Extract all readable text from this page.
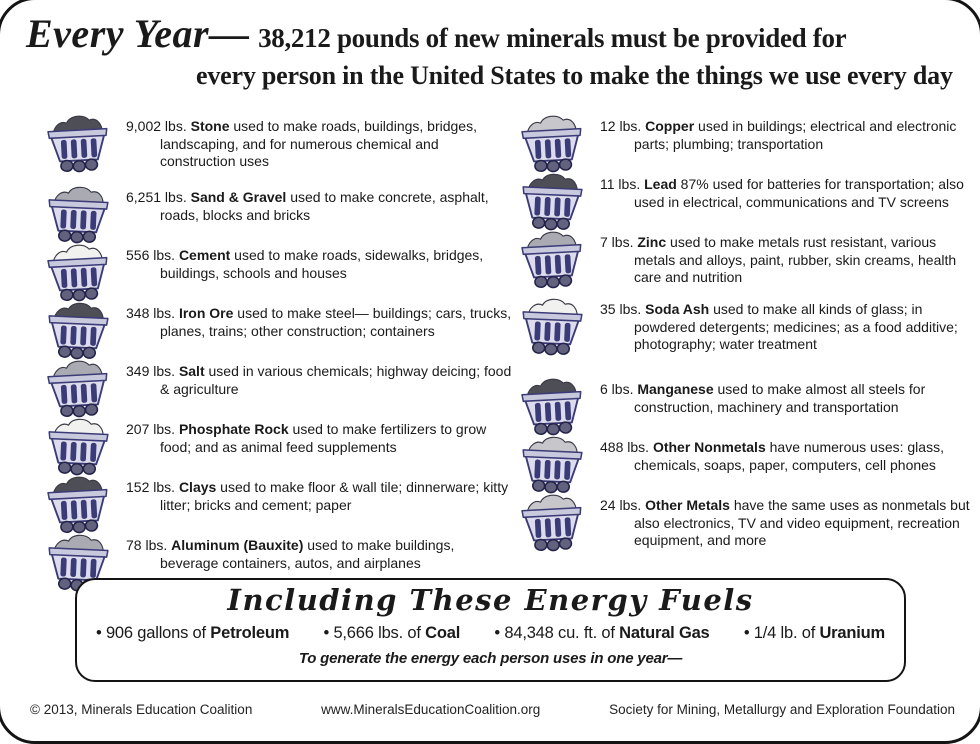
Every Year— 38,212 pounds of new minerals must be provided for
every person in the United States to make the things we use every day

9,002 lbs. Stone used to make roads, buildings, bridges, landscaping, and for numerous chemical and construction uses

6,251 lbs. Sand & Gravel used to make concrete, asphalt, roads, blocks and bricks

556 lbs. Cement used to make roads, sidewalks, bridges, buildings, schools and houses

348 lbs. Iron Ore used to make steel— buildings; cars, trucks, planes, trains; other construction; containers

349 lbs. Salt used in various chemicals; highway deicing; food & agriculture

207 lbs. Phosphate Rock used to make fertilizers to grow food; and as animal feed supplements

152 lbs. Clays used to make floor & wall tile; dinnerware; kitty litter; bricks and cement; paper

78 lbs. Aluminum (Bauxite) used to make buildings, beverage containers, autos, and airplanes

12 lbs. Copper used in buildings; electrical and electronic parts; plumbing; transportation

11 lbs. Lead 87% used for batteries for transportation; also used in electrical, communications and TV screens

7 lbs. Zinc used to make metals rust resistant, various metals and alloys, paint, rubber, skin creams, health care and nutrition

35 lbs. Soda Ash used to make all kinds of glass; in powdered detergents; medicines; as a food additive; photography; water treatment

6 lbs. Manganese used to make almost all steels for construction, machinery and transportation

488 lbs. Other Nonmetals have numerous uses: glass, chemicals, soaps, paper, computers, cell phones

24 lbs. Other Metals have the same uses as nonmetals but also electronics, TV and video equipment, recreation equipment, and more

Including These Energy Fuels
• 906 gallons of Petroleum • 5,666 lbs. of Coal • 84,348 cu. ft. of Natural Gas • 1/4 lb. of Uranium
To generate the energy each person uses in one year—
© 2013, Minerals Education Coalition	www.MineralsEducationCoalition.org	Society for Mining, Metallurgy and Exploration Foundation
